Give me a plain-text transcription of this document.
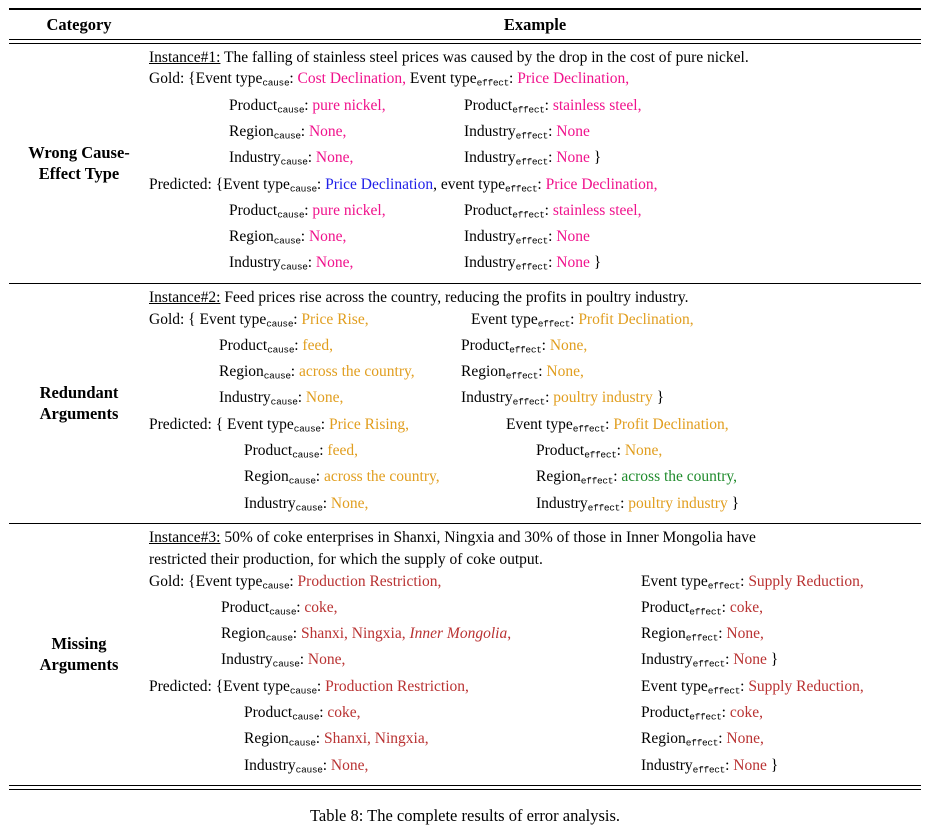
Category	Example
Wrong Cause-
Effect Type
Instance#1: The falling of stainless steel prices was caused by the drop in the cost of pure nickel.
Gold: {Event type$_{cause}$: Cost Declination, Event type$_{effect}$: Price Declination,
Product$_{cause}$: pure nickel,	Product$_{effect}$: stainless steel,
Region$_{cause}$: None,	Industry$_{effect}$: None
Industry$_{cause}$: None,	Industry$_{effect}$: None }
Predicted: {Event type$_{cause}$: Price Declination, event type$_{effect}$: Price Declination,
Product$_{cause}$: pure nickel,	Product$_{effect}$: stainless steel,
Region$_{cause}$: None,	Industry$_{effect}$: None
Industry$_{cause}$: None,	Industry$_{effect}$: None }
Redundant
Arguments
Instance#2: Feed prices rise across the country, reducing the profits in poultry industry.
Gold: { Event type$_{cause}$: Price Rise,	Event type$_{effect}$: Profit Declination,
Product$_{cause}$: feed,	Product$_{effect}$: None,
Region$_{cause}$: across the country,	Region$_{effect}$: None,
Industry$_{cause}$: None,	Industry$_{effect}$: poultry industry }
Predicted: { Event type$_{cause}$: Price Rising,	Event type$_{effect}$: Profit Declination,
Product$_{cause}$: feed,	Product$_{effect}$: None,
Region$_{cause}$: across the country,	Region$_{effect}$: across the country,
Industry$_{cause}$: None,	Industry$_{effect}$: poultry industry }
Missing
Arguments
Instance#3: 50% of coke enterprises in Shanxi, Ningxia and 30% of those in Inner Mongolia have
restricted their production, for which the supply of coke output.
Gold: {Event type$_{cause}$: Production Restriction,	Event type$_{effect}$: Supply Reduction,
Product$_{cause}$: coke,	Product$_{effect}$: coke,
Region$_{cause}$: Shanxi, Ningxia, Inner Mongolia,	Region$_{effect}$: None,
Industry$_{cause}$: None,	Industry$_{effect}$: None }
Predicted: {Event type$_{cause}$: Production Restriction,	Event type$_{effect}$: Supply Reduction,
Product$_{cause}$: coke,	Product$_{effect}$: coke,
Region$_{cause}$: Shanxi, Ningxia,	Region$_{effect}$: None,
Industry$_{cause}$: None,	Industry$_{effect}$: None }
Table 8: The complete results of error analysis.
